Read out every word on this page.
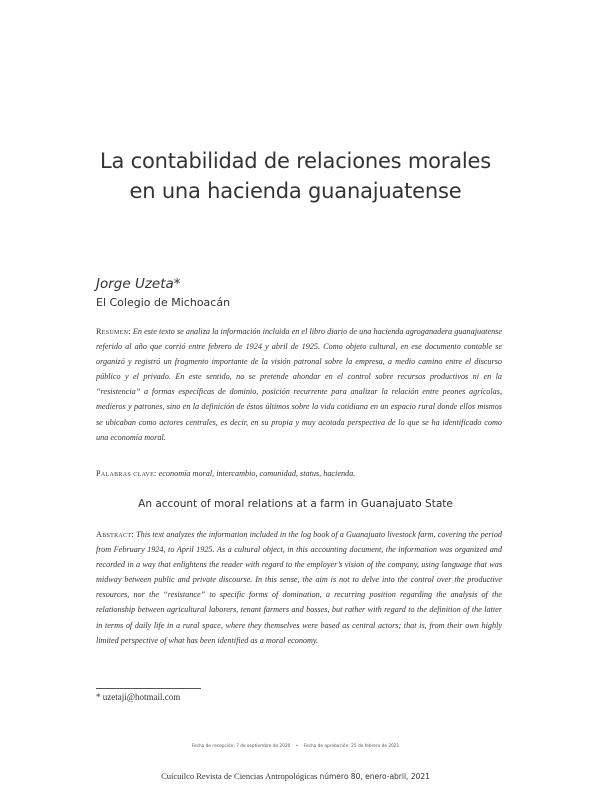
La contabilidad de relaciones morales
en una hacienda guanajuatense
Jorge Uzeta*
El Colegio de Michoacán
Resumen: En este texto se analiza la información incluida en el libro diario de una hacienda agroganadera guanajuatense referido al año que corrió entre febrero de 1924 y abril de 1925. Como objeto cultural, en ese documento contable se organizó y registró un fragmento importante de la visión patronal sobre la empresa, a medio camino entre el discurso público y el privado. En este sentido, no se pretende ahondar en el control sobre recursos productivos ni en la “resistencia” a formas específicas de dominio, posición recurrente para analizar la relación entre peones agrícolas, medieros y patrones, sino en la definición de éstos últimos sobre la vida cotidiana en un espacio rural donde ellos mismos se ubicaban como actores centrales, es decir, en su propia y muy acotada perspectiva de lo que se ha identificado como una economía moral.
Palabras clave: economía moral, intercambio, comunidad, status, hacienda.
An account of moral relations at a farm in Guanajuato State
Abstract: This text analyzes the information included in the log book of a Guanajuato livestock farm, covering the period from February 1924, to April 1925. As a cultural object, in this accounting document, the information was organized and recorded in a way that enlightens the reader with regard to the employer’s vision of the company, using language that was midway between public and private discourse. In this sense, the aim is not to delve into the control over the productive resources, nor the “resistance” to specific forms of domination, a recurring position regarding the analysis of the relationship between agricultural laborers, tenant farmers and bosses, but rather with regard to the definition of the latter in terms of daily life in a rural space, where they themselves were based as central actors; that is, from their own highly limited perspective of what has been identified as a moral economy.
* uzetaji@hotmail.com
Fecha de recepción: 7 de septiembre de 2020 • Fecha de aprobación: 25 de febrero de 2021
Cuicuilco Revista de Ciencias Antropológicas número 80, enero-abril, 2021
